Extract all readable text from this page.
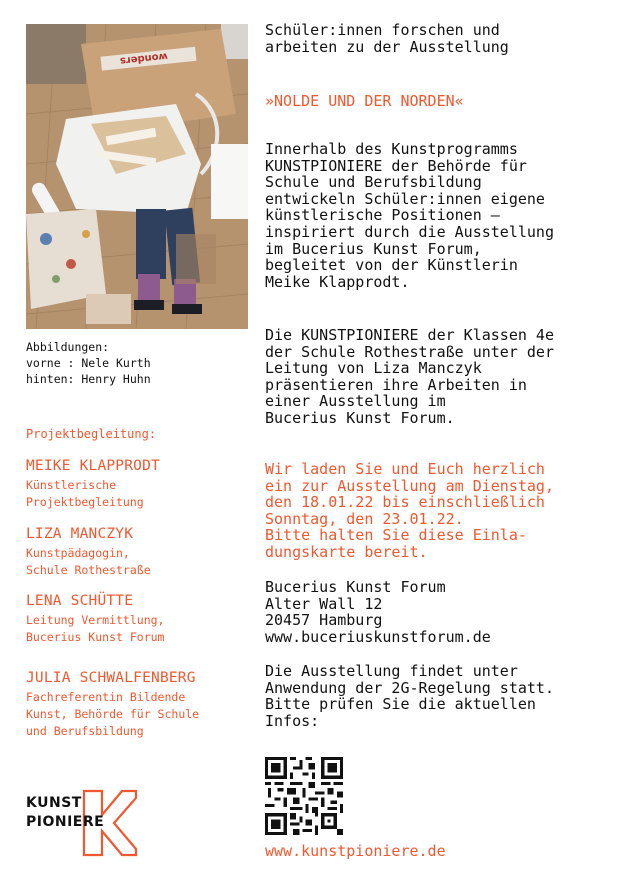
wonders
Abbildungen:
vorne : Nele Kurth
hinten: Henry Huhn
Projektbegleitung:
MEIKE KLAPPRODT
Künstlerische
Projektbegleitung
LIZA MANCZYK
Kunstpädagogin,
Schule Rothestraße
LENA SCHÜTTE
Leitung Vermittlung,
Bucerius Kunst Forum
JULIA SCHWALFENBERG
Fachreferentin Bildende
Kunst, Behörde für Schule
und Berufsbildung
KUNST
PIONIERE

Schüler:innen forschen und

arbeiten zu der Ausstellung

»NOLDE UND DER NORDEN«

Innerhalb des Kunstprogramms

KUNSTPIONIERE der Behörde für

Schule und Berufsbildung

entwickeln Schüler:innen eigene

künstlerische Positionen –

inspiriert durch die Ausstellung

im Bucerius Kunst Forum,

begleitet von der Künstlerin

Meike Klapprodt.

Die KUNSTPIONIERE der Klassen 4e

der Schule Rothestraße unter der

Leitung von Liza Manczyk

präsentieren ihre Arbeiten in

einer Ausstellung im

Bucerius Kunst Forum.

Wir laden Sie und Euch herzlich

ein zur Ausstellung am Dienstag,

den 18.01.22 bis einschließlich

Sonntag, den 23.01.22.

Bitte halten Sie diese Einla-

dungskarte bereit.

Bucerius Kunst Forum

Alter Wall 12

20457 Hamburg

www.buceriuskunstforum.de

Die Ausstellung findet unter

Anwendung der 2G-Regelung statt.

Bitte prüfen Sie die aktuellen

Infos:

www.kunstpioniere.de
